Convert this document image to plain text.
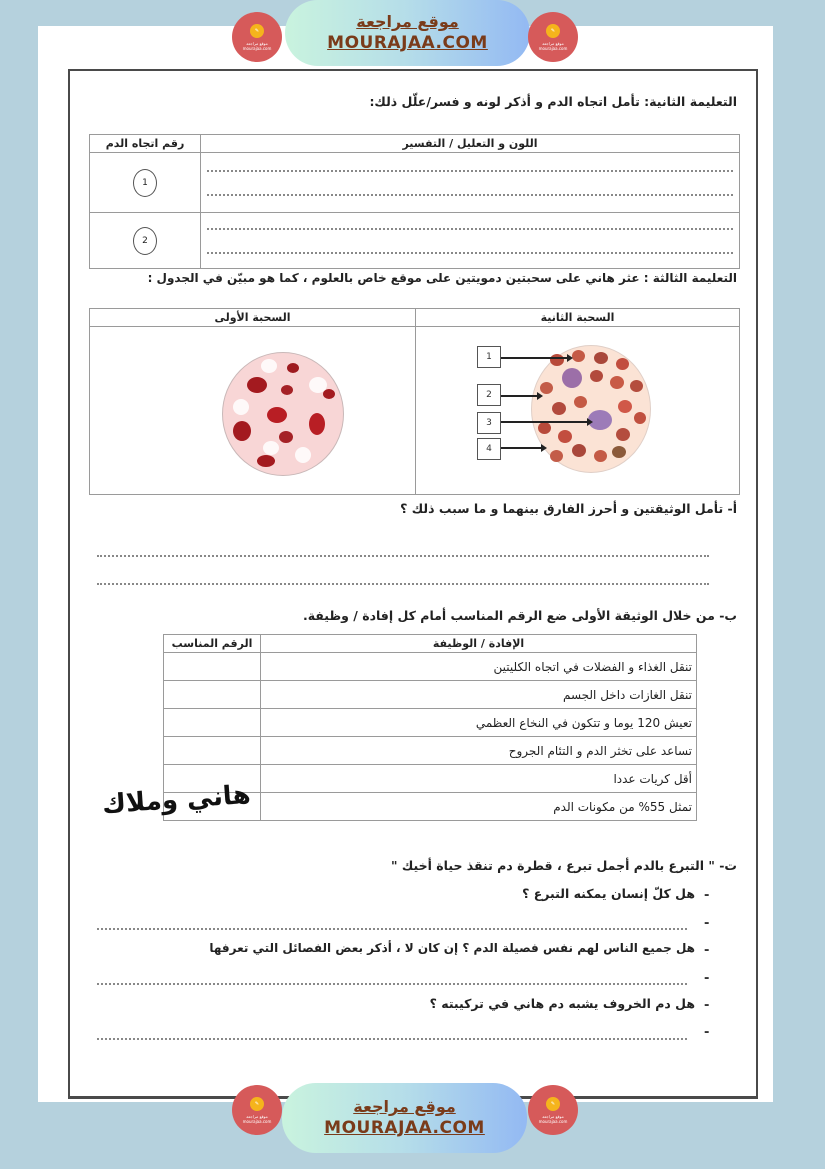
✎
موقع مراجعة mourajaa.com
موقع مراجعة
MOURAJAA.COM
✎
موقع مراجعة mourajaa.com
التعليمة الثانية: تأمل اتجاه الدم و أذكر لونه و فسر/علّل ذلك:
رقم اتجاه الدم	اللون و التعليل / التفسير

1	

2	

التعليمة الثالثة : عثر هاني على سحبتين دمويتين على موقع خاص بالعلوم ، كما هو مبيّن في الجدول :
السحبة الأولى	السحبة الثانية

1
2
3
4
أ- تأمل الوثيقتين و أحرز الفارق بينهما و ما سبب ذلك ؟
ب- من خلال الوثيقة الأولى ضع الرقم المناسب أمام كل إفادة / وظيفة.
الرقم المناسب	الإفادة / الوظيفة
	تنقل الغذاء و الفضلات في اتجاه الكليتين
	تنقل الغازات داخل الجسم
	تعيش 120 يوما و تتكون في النخاع العظمي
	تساعد على تخثر الدم و التئام الجروح
	أقل كريات عددا
	تمثل 55% من مكونات الدم
هاني وملاك
ت- " التبرع بالدم أجمل تبرع ، قطرة دم تنقذ حياة أخيك "
-
هل كلّ إنسان يمكنه التبرع ؟
-
-
هل جميع الناس لهم نفس فصيلة الدم ؟ إن كان لا ، أذكر بعض الفصائل التي تعرفها
-
-
هل دم الخروف يشبه دم هاني في تركيبته ؟
-
✎
موقع مراجعة mourajaa.com
موقع مراجعة
MOURAJAA.COM
✎
موقع مراجعة mourajaa.com
